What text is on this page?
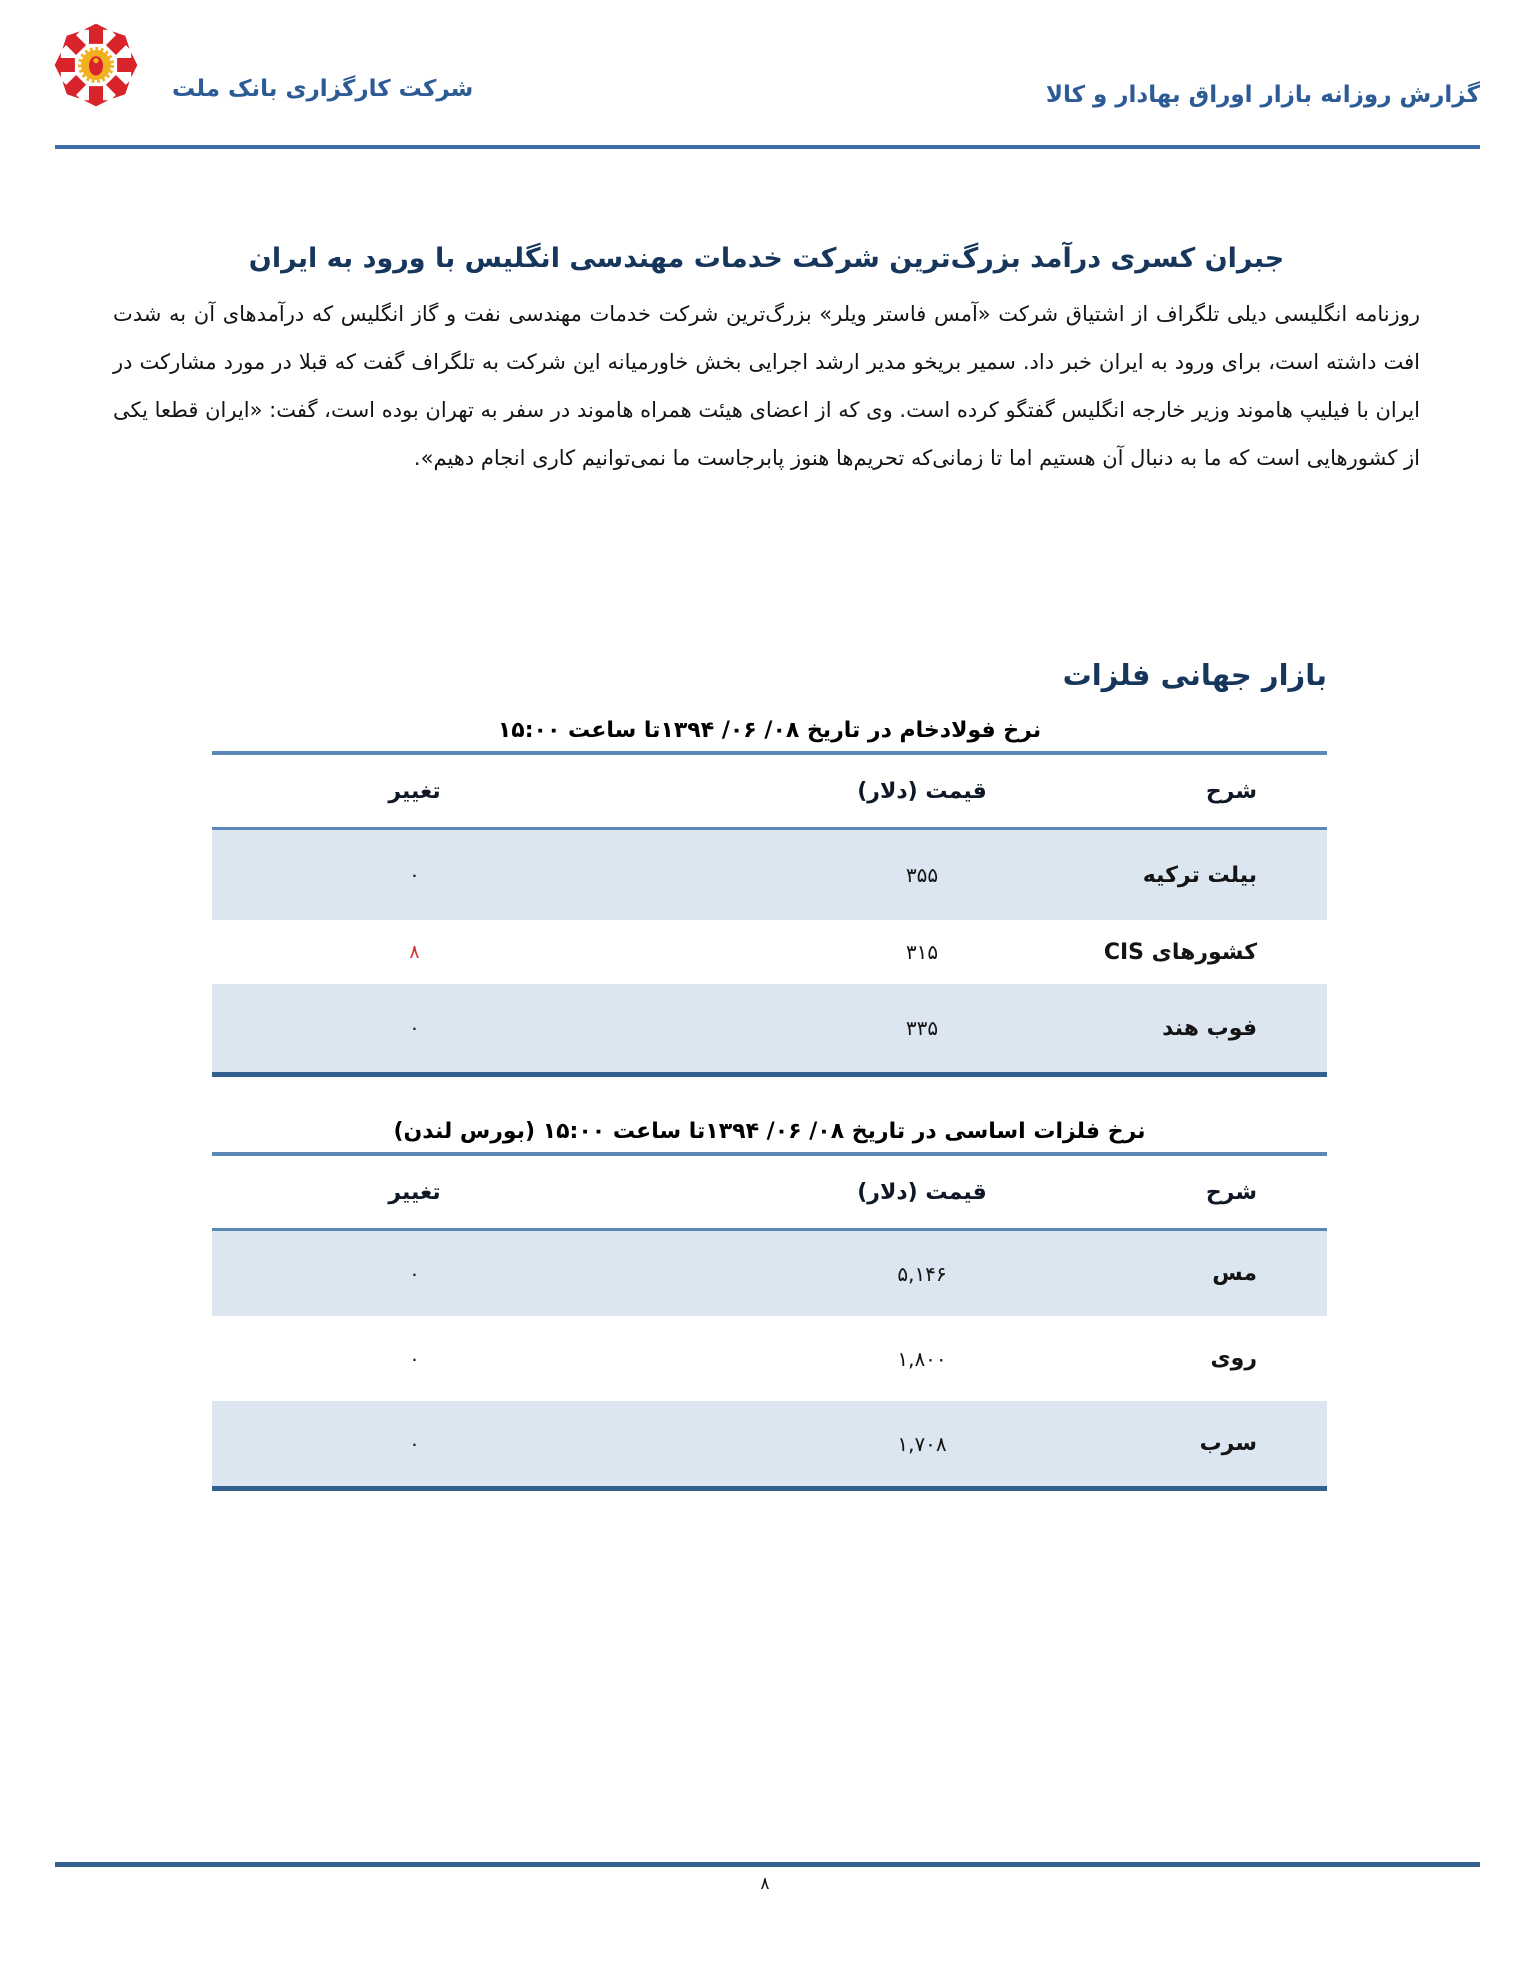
شرکت کارگزاری بانک ملت	گزارش روزانه بازار اوراق بهادار و کالا
جبران کسری درآمد بزرگ‌ترین شرکت خدمات مهندسی انگلیس با ورود به ایران

روزنامه انگلیسی دیلی تلگراف از اشتیاق شرکت «آمس فاستر ویلر» بزرگ‌ترین شرکت خدمات مهندسی نفت و گاز انگلیس که درآمدهای آن به شدت افت داشته است، برای ورود به ایران خبر داد. سمیر بریخو مدیر ارشد اجرایی بخش خاورمیانه این شرکت به تلگراف گفت که قبلا در مورد مشارکت در ایران با فیلیپ هاموند وزیر خارجه انگلیس گفتگو کرده است. وی که از اعضای هیئت همراه هاموند در سفر به تهران بوده است، گفت: «ایران قطعا یکی از کشورهایی است که ما به دنبال آن هستیم اما تا زمانی‌که تحریم‌ها هنوز پابرجاست ما نمی‌توانیم کاری انجام دهیم».

بازار جهانی فلزات
نرخ فولادخام در تاریخ ۰۸/‏ ۰۶/‏ ۱۳۹۴تا ساعت ۱۵:۰۰
شرح
قیمت (دلار)
تغییر
بیلت ترکیه
۳۵۵
۰
کشورهای CIS
۳۱۵
۸
فوب هند
۳۳۵
۰
نرخ فلزات اساسی در تاریخ ۰۸/‏ ۰۶/‏ ۱۳۹۴تا ساعت ۱۵:۰۰ (بورس لندن)
شرح
قیمت (دلار)
تغییر
مس
۵,۱۴۶
۰
روی
۱,۸۰۰
۰
سرب
۱,۷۰۸
۰
۸
